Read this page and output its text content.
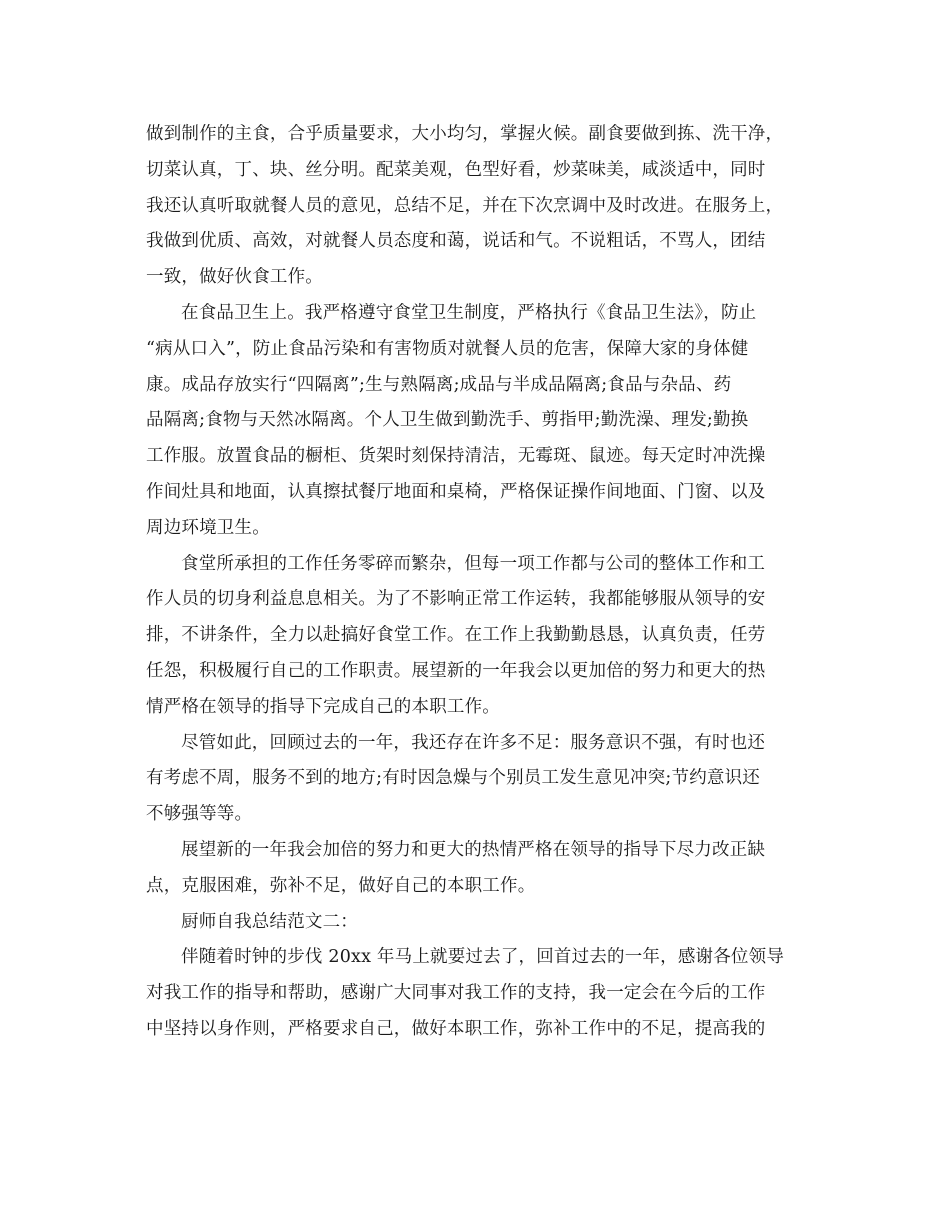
做到制作的主食，合乎质量要求，大小均匀，掌握火候。副食要做到拣、洗干净，
切菜认真，丁、块、丝分明。配菜美观，色型好看，炒菜味美，咸淡适中，同时
我还认真听取就餐人员的意见，总结不足，并在下次烹调中及时改进。在服务上，
我做到优质、高效，对就餐人员态度和蔼，说话和气。不说粗话，不骂人，团结
一致，做好伙食工作。
在食品卫生上。我严格遵守食堂卫生制度，严格执行《食品卫生法》，防止
“病从口入”，防止食品污染和有害物质对就餐人员的危害，保障大家的身体健
康。成品存放实行“四隔离”;生与熟隔离;成品与半成品隔离;食品与杂品、药
品隔离;食物与天然冰隔离。个人卫生做到勤洗手、剪指甲;勤洗澡、理发;勤换
工作服。放置食品的橱柜、货架时刻保持清洁，无霉斑、鼠迹。每天定时冲洗操
作间灶具和地面，认真擦拭餐厅地面和桌椅，严格保证操作间地面、门窗、以及
周边环境卫生。
食堂所承担的工作任务零碎而繁杂，但每一项工作都与公司的整体工作和工
作人员的切身利益息息相关。为了不影响正常工作运转，我都能够服从领导的安
排，不讲条件，全力以赴搞好食堂工作。在工作上我勤勤恳恳，认真负责，任劳
任怨，积极履行自己的工作职责。展望新的一年我会以更加倍的努力和更大的热
情严格在领导的指导下完成自己的本职工作。
尽管如此，回顾过去的一年，我还存在许多不足：服务意识不强，有时也还
有考虑不周，服务不到的地方;有时因急燥与个别员工发生意见冲突;节约意识还
不够强等等。
展望新的一年我会加倍的努力和更大的热情严格在领导的指导下尽力改正缺
点，克服困难，弥补不足，做好自己的本职工作。
厨师自我总结范文二：
伴随着时钟的步伐 20xx 年马上就要过去了，回首过去的一年，感谢各位领导
对我工作的指导和帮助，感谢广大同事对我工作的支持，我一定会在今后的工作
中坚持以身作则，严格要求自己，做好本职工作，弥补工作中的不足，提高我的
